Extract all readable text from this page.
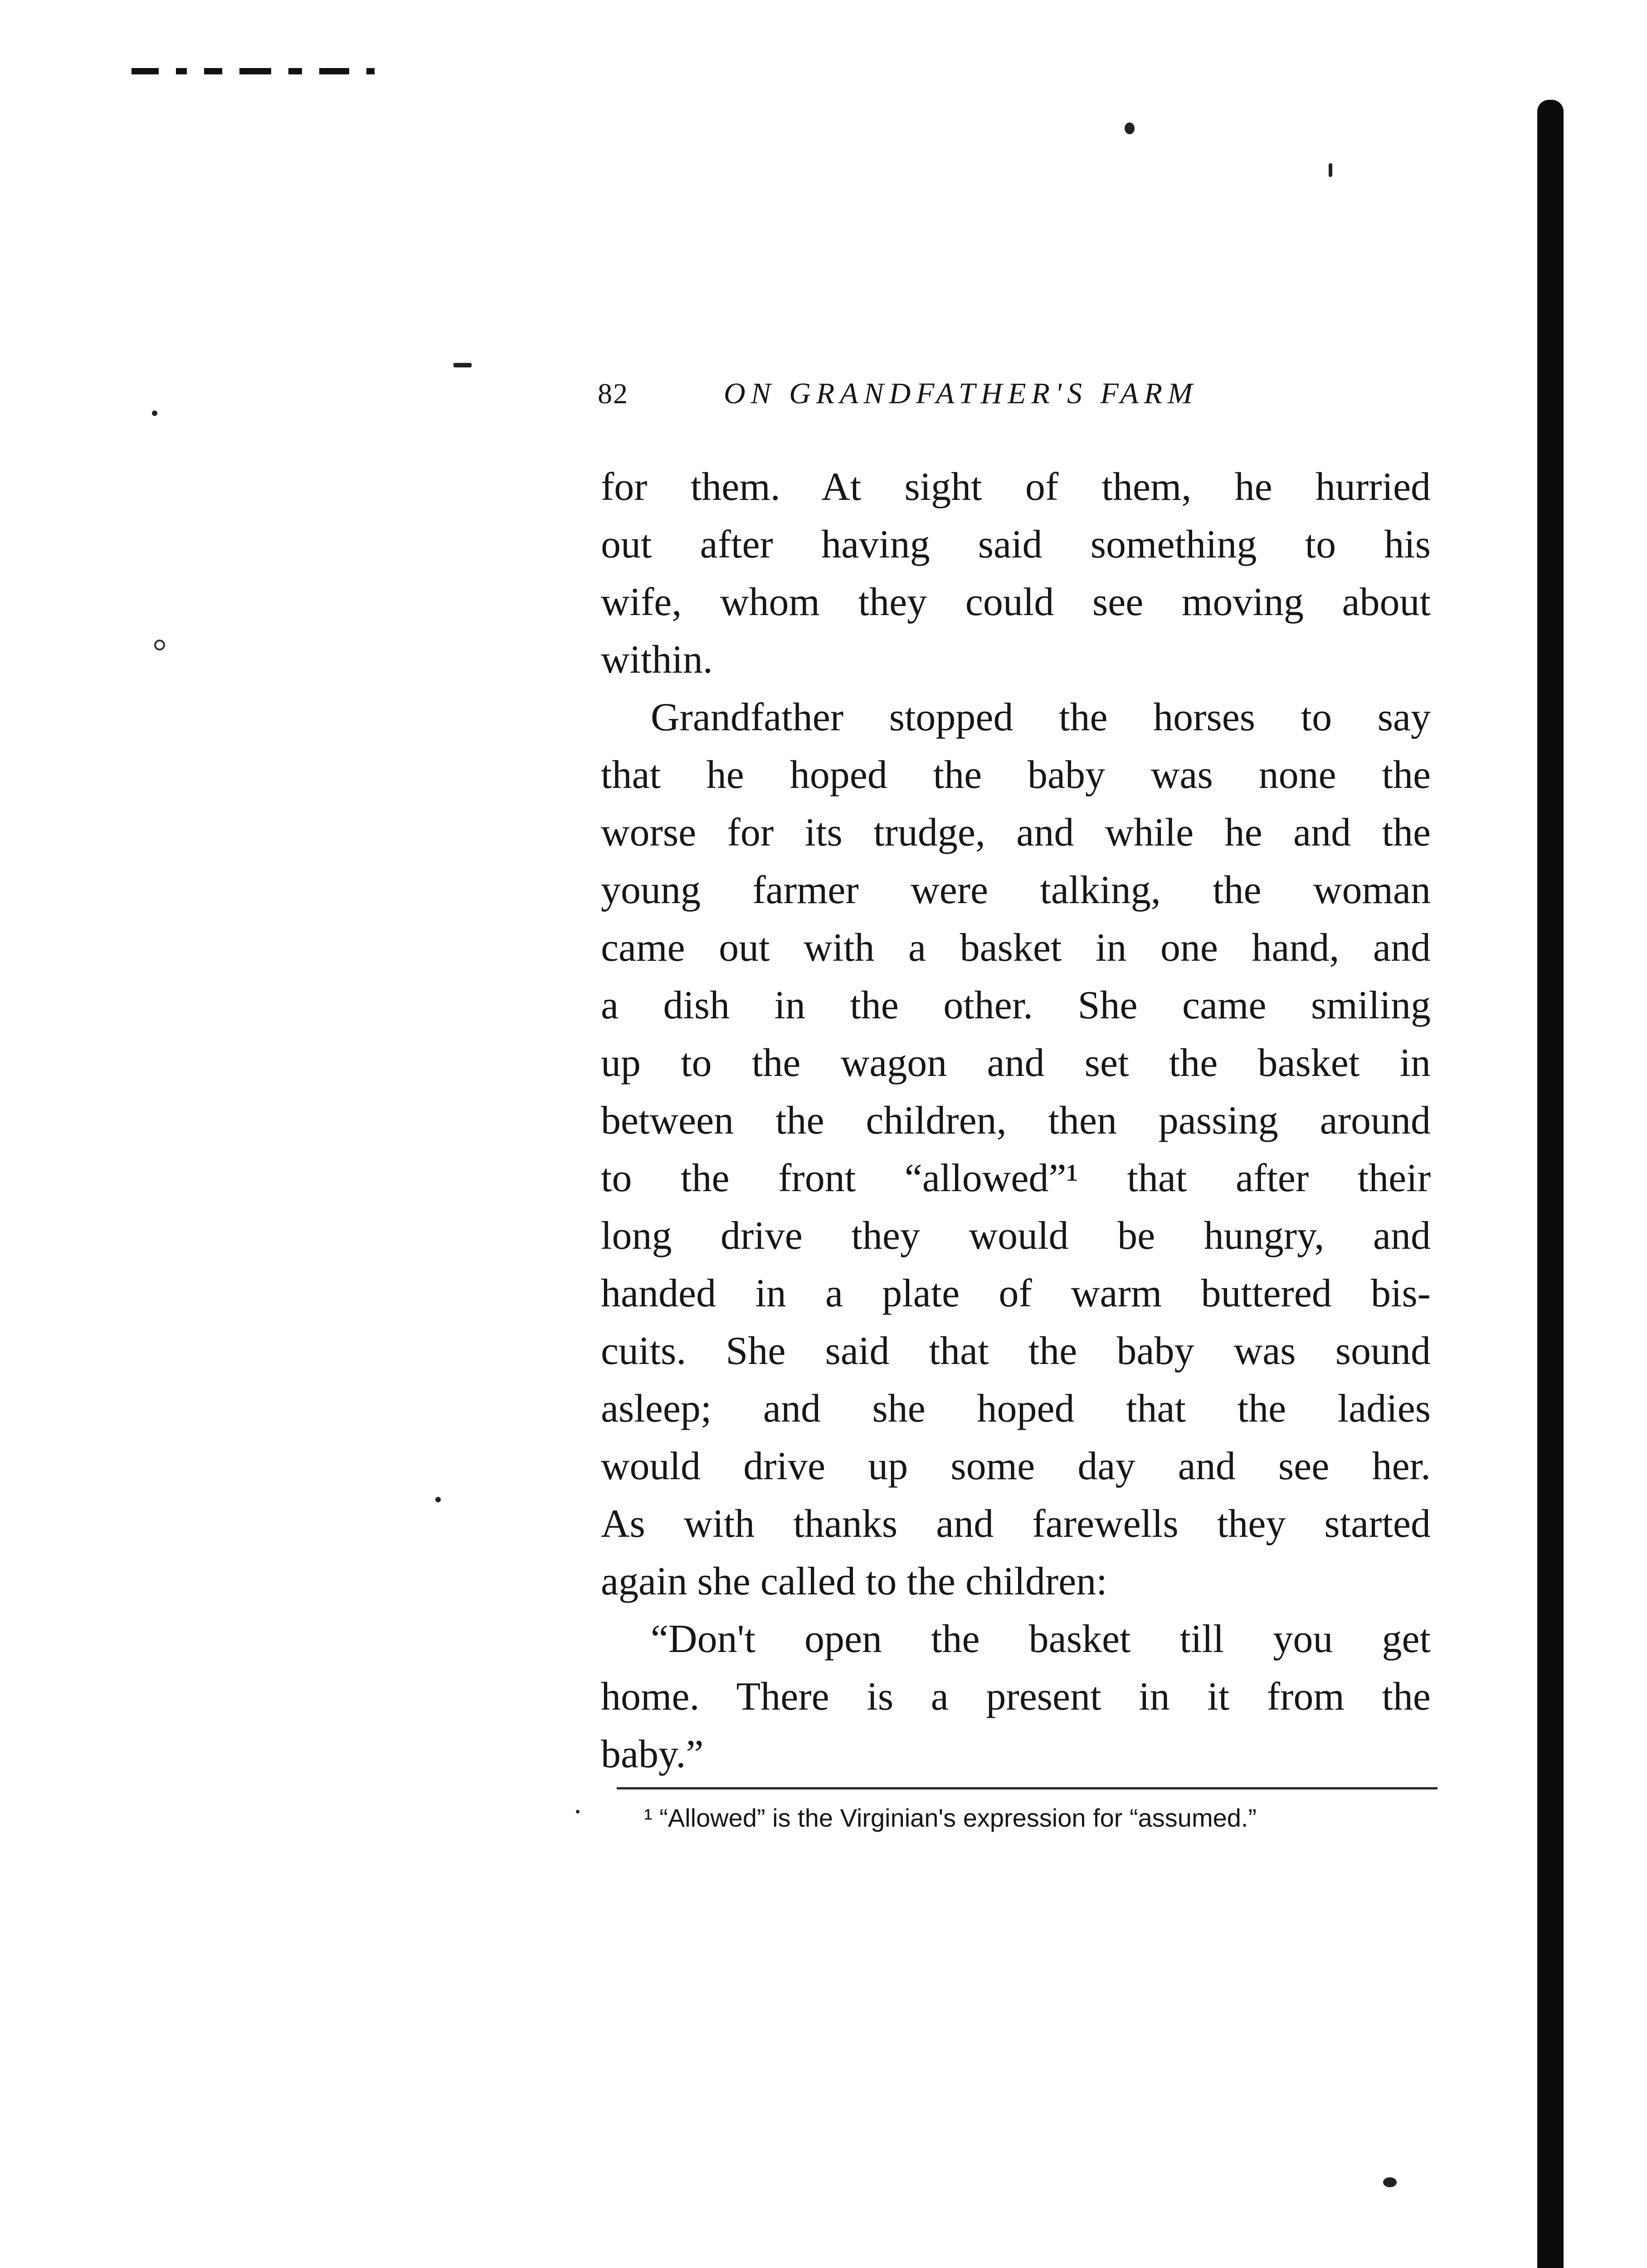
82	ON GRANDFATHER'S FARM
for them. At sight of them, he hurried
out after having said something to his
wife, whom they could see moving about
within.
Grandfather stopped the horses to say
that he hoped the baby was none the
worse for its trudge, and while he and the
young farmer were talking, the woman
came out with a basket in one hand, and
a dish in the other. She came smiling
up to the wagon and set the basket in
between the children, then passing around
to the front “allowed”¹ that after their
long drive they would be hungry, and
handed in a plate of warm buttered bis-
cuits. She said that the baby was sound
asleep; and she hoped that the ladies
would drive up some day and see her.
As with thanks and farewells they started
again she called to the children:
“Don't open the basket till you get
home. There is a present in it from the
baby.”
¹ “Allowed” is the Virginian's expression for “assumed.”
